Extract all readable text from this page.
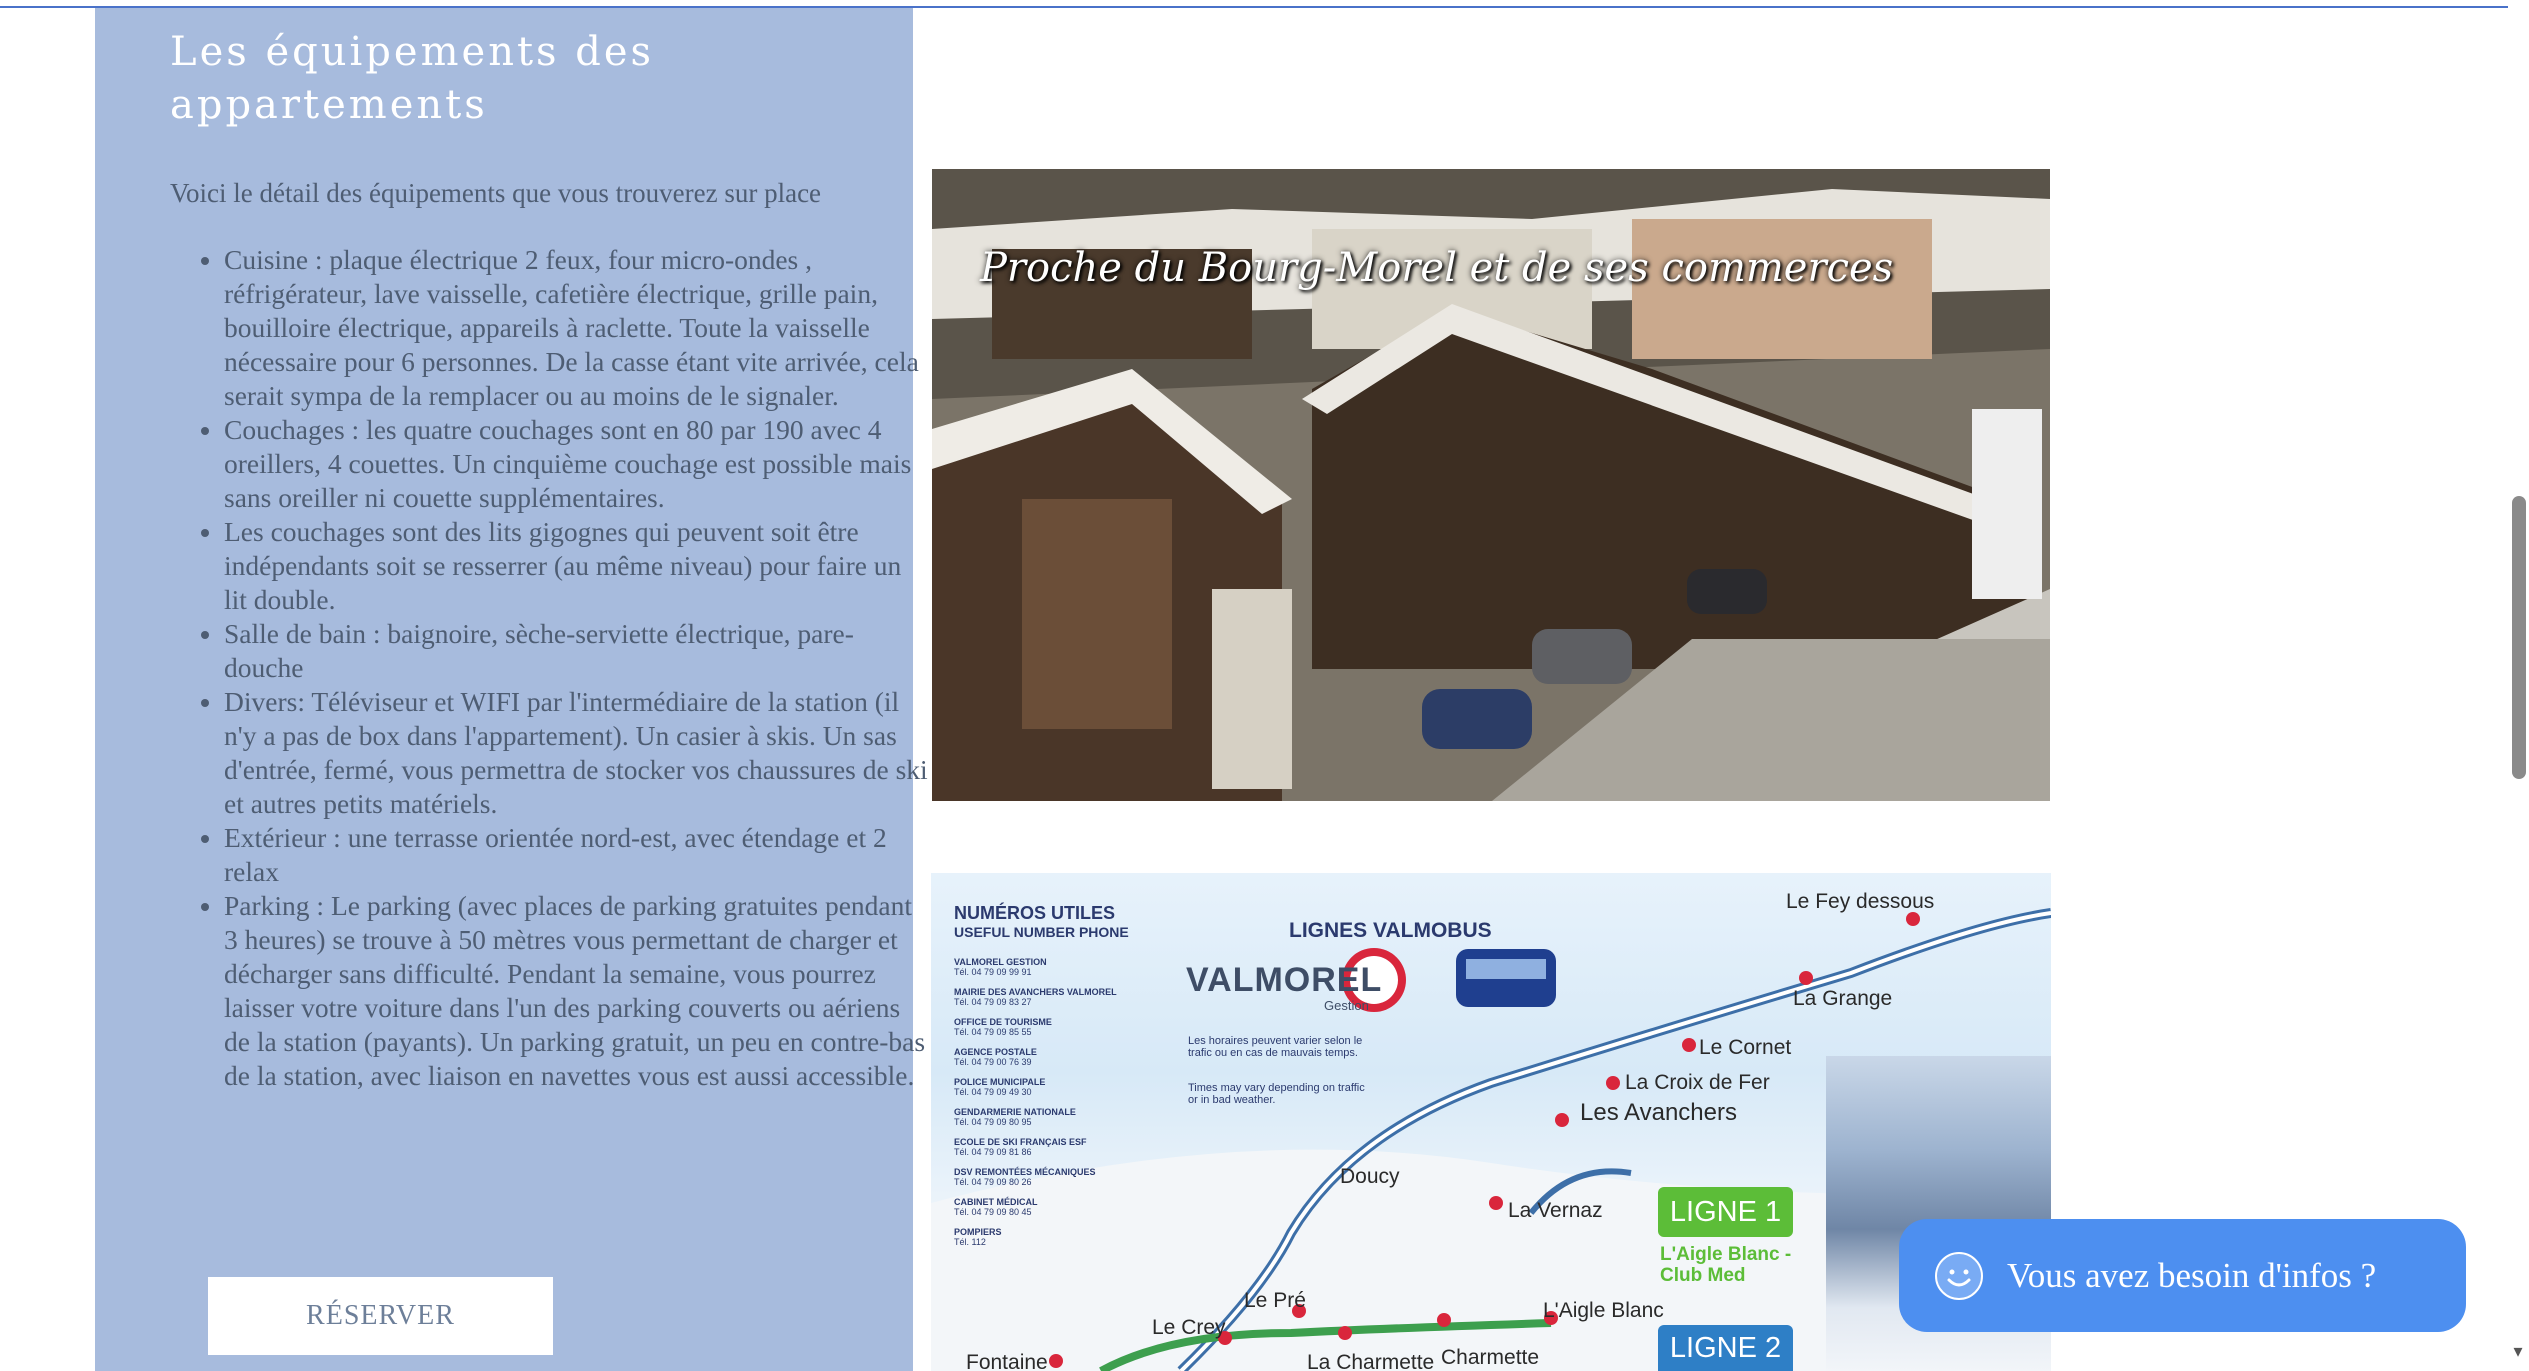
Les équipements des appartements

Voici le détail des équipements que vous trouverez sur place

• Cuisine : plaque électrique 2 feux, four micro-ondes , réfrigérateur, lave vaisselle, cafetière électrique, grille pain, bouilloire électrique, appareils à raclette. Toute la vaisselle nécessaire pour 6 personnes. De la casse étant vite arrivée, cela serait sympa de la remplacer ou au moins de le signaler.
• Couchages : les quatre couchages sont en 80 par 190 avec 4 oreillers, 4 couettes. Un cinquième couchage est possible mais sans oreiller ni couette supplémentaires.
• Les couchages sont des lits gigognes qui peuvent soit être indépendants soit se resserrer (au même niveau) pour faire un lit double.
• Salle de bain : baignoire, sèche-serviette électrique, pare-douche
• Divers: Téléviseur et WIFI par l'intermédiaire de la station (il n'y a pas de box dans l'appartement). Un casier à skis. Un sas d'entrée, fermé, vous permettra de stocker vos chaussures de ski et autres petits matériels.
• Extérieur : une terrasse orientée nord-est, avec étendage et 2 relax
• Parking : Le parking (avec places de parking gratuites pendant 3 heures) se trouve à 50 mètres vous permettant de charger et décharger sans difficulté. Pendant la semaine, vous pourrez laisser votre voiture dans l'un des parking couverts ou aériens de la station (payants). Un parking gratuit, un peu en contre-bas de la station, avec liaison en navettes vous est aussi accessible.
RÉSERVER

Proche du Bourg-Morel et de ses commerces

NUMÉROS UTILES

USEFUL NUMBER PHONE

VALMOREL GESTION
Tél. 04 79 09 99 91
MAIRIE DES AVANCHERS VALMOREL
Tél. 04 79 09 83 27
OFFICE DE TOURISME
Tél. 04 79 09 85 55
AGENCE POSTALE
Tél. 04 79 00 76 39
POLICE MUNICIPALE
Tél. 04 79 09 49 30
GENDARMERIE NATIONALE
Tél. 04 79 09 80 95
ECOLE DE SKI FRANÇAIS ESF
Tél. 04 79 09 81 86
DSV REMONTÉES MÉCANIQUES
Tél. 04 79 09 80 26
CABINET MÉDICAL
Tél. 04 79 09 80 45
POMPIERS
Tél. 112

LIGNES VALMOBUS

VALMOREL

Gestion

Les horaires peuvent varier selon le trafic ou en cas de mauvais temps.

Times may vary depending on traffic or in bad weather.

Le Fey dessous

La Grange

Le Cornet

La Croix de Fer

Les Avanchers

Doucy

La Vernaz

Le Pré

Le Crey

L'Aigle Blanc

La Charmette Charmette

Fontaine

LIGNE 1

L'Aigle Blanc - Club Med

LIGNE 2

Vous avez besoin d'infos ?
▾
